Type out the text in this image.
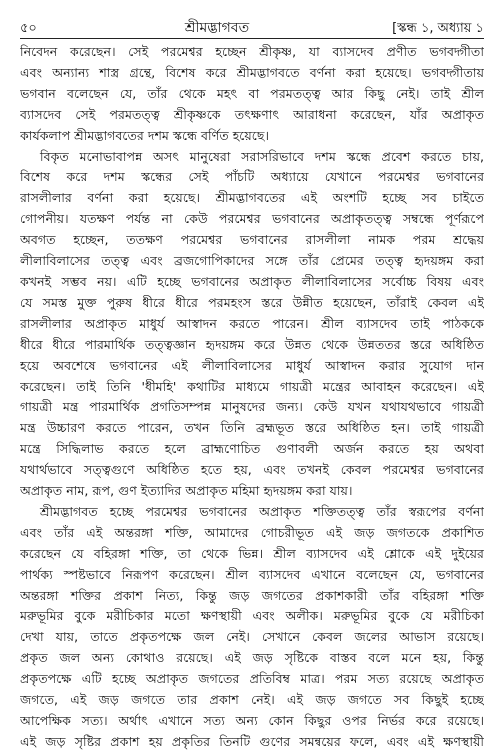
৫০	শ্রীমদ্ভাগবত	[স্কন্ধ ১, অধ্যায় ১
নিবেদন করেছেন। সেই পরমেশ্বর হচ্ছেন শ্রীকৃষ্ণ, যা ব্যাসদেব প্রণীত ভগবদ্গীতা
এবং অন্যান্য শাস্ত্র গ্রন্থে, বিশেষ করে শ্রীমদ্ভাগবতে বর্ণনা করা হয়েছে। ভগবদ্গীতায়
ভগবান বলেছেন যে, তাঁর থেকে মহৎ বা পরমতত্ত্ব আর কিছু নেই। তাই শ্রীল
ব্যাসদেব সেই পরমতত্ত্ব শ্রীকৃষ্ণকে তৎক্ষণাৎ আরাধনা করেছেন, যাঁর অপ্রাকৃত
কার্যকলাপ শ্রীমদ্ভাগবতের দশম স্কন্ধে বর্ণিত হয়েছে।
বিকৃত মনোভাবাপন্ন অসৎ মানুষেরা সরাসরিভাবে দশম স্কন্ধে প্রবেশ করতে চায়,
বিশেষ করে দশম স্কন্ধের সেই পাঁচটি অধ্যায়ে যেখানে পরমেশ্বর ভগবানের
রাসলীলার বর্ণনা করা হয়েছে। শ্রীমদ্ভাগবতের এই অংশটি হচ্ছে সব চাইতে
গোপনীয়। যতক্ষণ পর্যন্ত না কেউ পরমেশ্বর ভগবানের অপ্রাকৃতত্ত্ব সম্বন্ধে পূর্ণরূপে
অবগত হচ্ছেন, ততক্ষণ পরমেশ্বর ভগবানের রাসলীলা নামক পরম শ্রদ্ধেয়
লীলাবিলাসের তত্ত্ব এবং ব্রজগোপিকাদের সঙ্গে তাঁর প্রেমের তত্ত্ব হৃদয়ঙ্গম করা
কখনই সম্ভব নয়। এটি হচ্ছে ভগবানের অপ্রাকৃত লীলাবিলাসের সর্বোচ্চ বিষয় এবং
যে সমস্ত মুক্ত পুরুষ ধীরে ধীরে পরমহংস স্তরে উন্নীত হয়েছেন, তাঁরাই কেবল এই
রাসলীলার অপ্রাকৃত মাধুর্য আস্বাদন করতে পারেন। শ্রীল ব্যাসদেব তাই পাঠককে
ধীরে ধীরে পারমার্থিক তত্ত্বজ্ঞান হৃদয়ঙ্গম করে উন্নত থেকে উন্নততর স্তরে অধিষ্ঠিত
হয়ে অবশেষে ভগবানের এই লীলাবিলাসের মাধুর্য আস্বাদন করার সুযোগ দান
করেছেন। তাই তিনি 'ধীমহি' কথাটির মাধ্যমে গায়ত্রী মন্ত্রের আবাহন করেছেন। এই
গায়ত্রী মন্ত্র পারমার্থিক প্রগতিসম্পন্ন মানুষদের জন্য। কেউ যখন যথাযথভাবে গায়ত্রী
মন্ত্র উচ্চারণ করতে পারেন, তখন তিনি ব্রহ্মভূত স্তরে অধিষ্ঠিত হন। তাই গায়ত্রী
মন্ত্রে সিদ্ধিলাভ করতে হলে ব্রাহ্মণোচিত গুণাবলী অর্জন করতে হয় অথবা
যথার্থভাবে সত্ত্বগুণে অধিষ্ঠিত হতে হয়, এবং তখনই কেবল পরমেশ্বর ভগবানের
অপ্রাকৃত নাম, রূপ, গুণ ইত্যাদির অপ্রাকৃত মহিমা হৃদয়ঙ্গম করা যায়।
শ্রীমদ্ভাগবত হচ্ছে পরমেশ্বর ভগবানের অপ্রাকৃত শক্তিতত্ত্ব তাঁর স্বরূপের বর্ণনা
এবং তাঁর এই অন্তরঙ্গা শক্তি, আমাদের গোচরীভূত এই জড় জগতকে প্রকাশিত
করেছেন যে বহিরঙ্গা শক্তি, তা থেকে ভিন্ন। শ্রীল ব্যাসদেব এই শ্লোকে এই দুইয়ের
পার্থক্য স্পষ্টভাবে নিরূপণ করেছেন। শ্রীল ব্যাসদেব এখানে বলেছেন যে, ভগবানের
অন্তরঙ্গা শক্তির প্রকাশ নিত্য, কিন্তু জড় জগতের প্রকাশকারী তাঁর বহিরঙ্গা শক্তি
মরুভূমির বুকে মরীচিকার মতো ক্ষণস্থায়ী এবং অলীক। মরুভূমির বুকে যে মরীচিকা
দেখা যায়, তাতে প্রকৃতপক্ষে জল নেই। সেখানে কেবল জলের আভাস রয়েছে।
প্রকৃত জল অন্য কোথাও রয়েছে। এই জড় সৃষ্টিকে বাস্তব বলে মনে হয়, কিন্তু
প্রকৃতপক্ষে এটি হচ্ছে অপ্রাকৃত জগতের প্রতিবিম্ব মাত্র। পরম সত্য রয়েছে অপ্রাকৃত
জগতে, এই জড় জগতে তার প্রকাশ নেই। এই জড় জগতে সব কিছুই হচ্ছে
আপেক্ষিক সত্য। অর্থাৎ এখানে সত্য অন্য কোন কিছুর ওপর নির্ভর করে রয়েছে।
এই জড় সৃষ্টির প্রকাশ হয় প্রকৃতির তিনটি গুণের সমন্বয়ের ফলে, এবং এই ক্ষণস্থায়ী
